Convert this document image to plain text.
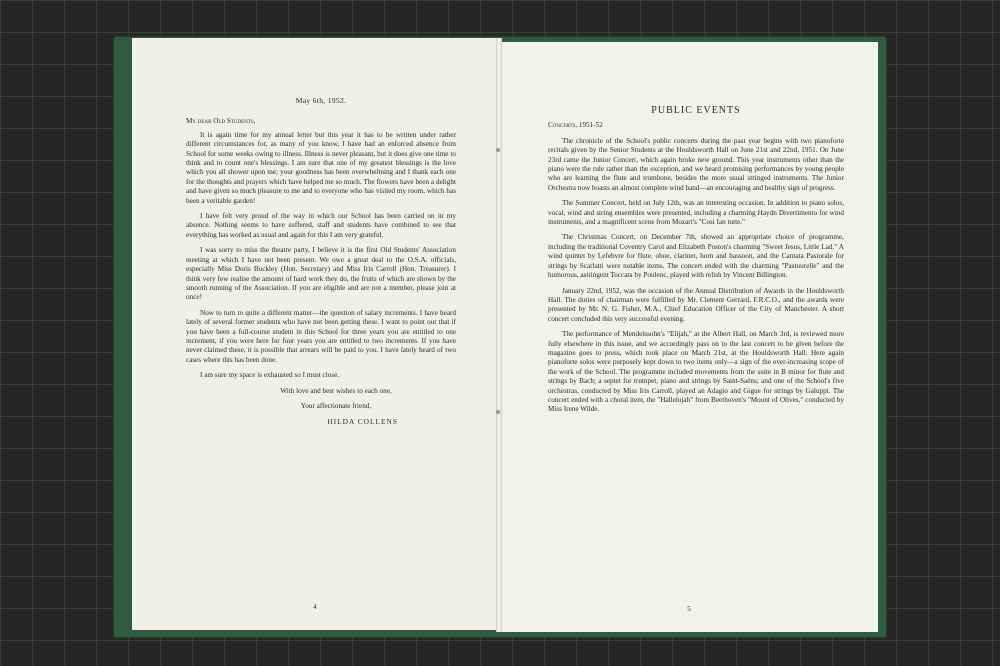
May 6th, 1952.
My dear Old Students,

It is again time for my annual letter but this year it has to be written under rather different circumstances for, as many of you know, I have had an enforced absence from School for some weeks owing to illness. Illness is never pleasant, but it does give one time to think and to count one's blessings. I am sure that one of my greatest blessings is the love which you all shower upon me; your goodness has been overwhelming and I thank each one for the thoughts and prayers which have helped me so much. The flowers have been a delight and have given so much pleasure to me and to everyone who has visited my room, which has been a veritable garden!

I have felt very proud of the way in which our School has been carried on in my absence. Nothing seems to have suffered, staff and students have combined to see that everything has worked as usual and again for this I am very grateful.

I was sorry to miss the theatre party, I believe it is the first Old Students' Association meeting at which I have not been present. We owe a great deal to the O.S.A. officials, especially Miss Doris Buckley (Hon. Secretary) and Miss Iris Carroll (Hon. Treasurer). I think very few realise the amount of hard work they do, the fruits of which are shown by the smooth running of the Association. If you are eligible and are not a member, please join at once!

Now to turn to quite a different matter—the question of salary increments. I have heard lately of several former students who have not been getting these. I want to point out that if you have been a full-course student in this School for three years you are entitled to one increment, if you were here for four years you are entitled to two increments. If you have never claimed these, it is possible that arrears will be paid to you. I have lately heard of two cases where this has been done.

I am sure my space is exhausted so I must close.

With love and best wishes to each one,

Your affectionate friend,

HILDA COLLENS
4
PUBLIC EVENTS
Concerts, 1951-52

The chronicle of the School's public concerts during the past year begins with two pianoforte recitals given by the Senior Students at the Houldsworth Hall on June 21st and 22nd, 1951. On June 23rd came the Junior Concert, which again broke new ground. This year instruments other than the piano were the rule rather than the exception, and we heard promising performances by young people who are learning the flute and trombone, besides the more usual stringed instruments. The Junior Orchestra now boasts an almost complete wind band—an encouraging and healthy sign of progress.

The Summer Concert, held on July 12th, was an interesting occasion. In addition to piano solos, vocal, wind and string ensembles were presented, including a charming Haydn Divertimento for wind instruments, and a magnificent scene from Mozart's "Cosi fan tutte."

The Christmas Concert, on December 7th, showed an appropriate choice of programme, including the traditional Coventry Carol and Elizabeth Poston's charming "Sweet Jesus, Little Lad." A wind quintet by Lefebvre for flute, oboe, clarinet, horn and bassoon, and the Cantata Pastorale for strings by Scarlatti were notable items. The concert ended with the charming "Pastourelle" and the humorous, astringent Toccata by Poulenc, played with relish by Vincent Billington.

January 22nd, 1952, was the occasion of the Annual Distribution of Awards in the Houldsworth Hall. The duties of chairman were fulfilled by Mr. Clement Gerrard, F.R.C.O., and the awards were presented by Mr. N. G. Fisher, M.A., Chief Education Officer of the City of Manchester. A short concert concluded this very successful evening.

The performance of Mendelssohn's "Elijah," at the Albert Hall, on March 3rd, is reviewed more fully elsewhere in this issue, and we accordingly pass on to the last concert to be given before the magazine goes to press, which took place on March 21st, at the Houldsworth Hall. Here again pianoforte solos were purposely kept down to two items only—a sign of the ever-increasing scope of the work of the School. The programme included movements from the suite in B minor for flute and strings by Bach; a septet for trumpet, piano and strings by Saint-Saëns; and one of the School's five orchestras, conducted by Miss Iris Carroll, played an Adagio and Gigue for strings by Galuppi. The concert ended with a choral item, the "Hallelujah" from Beethoven's "Mount of Olives," conducted by Miss Irene Wilde.

5
